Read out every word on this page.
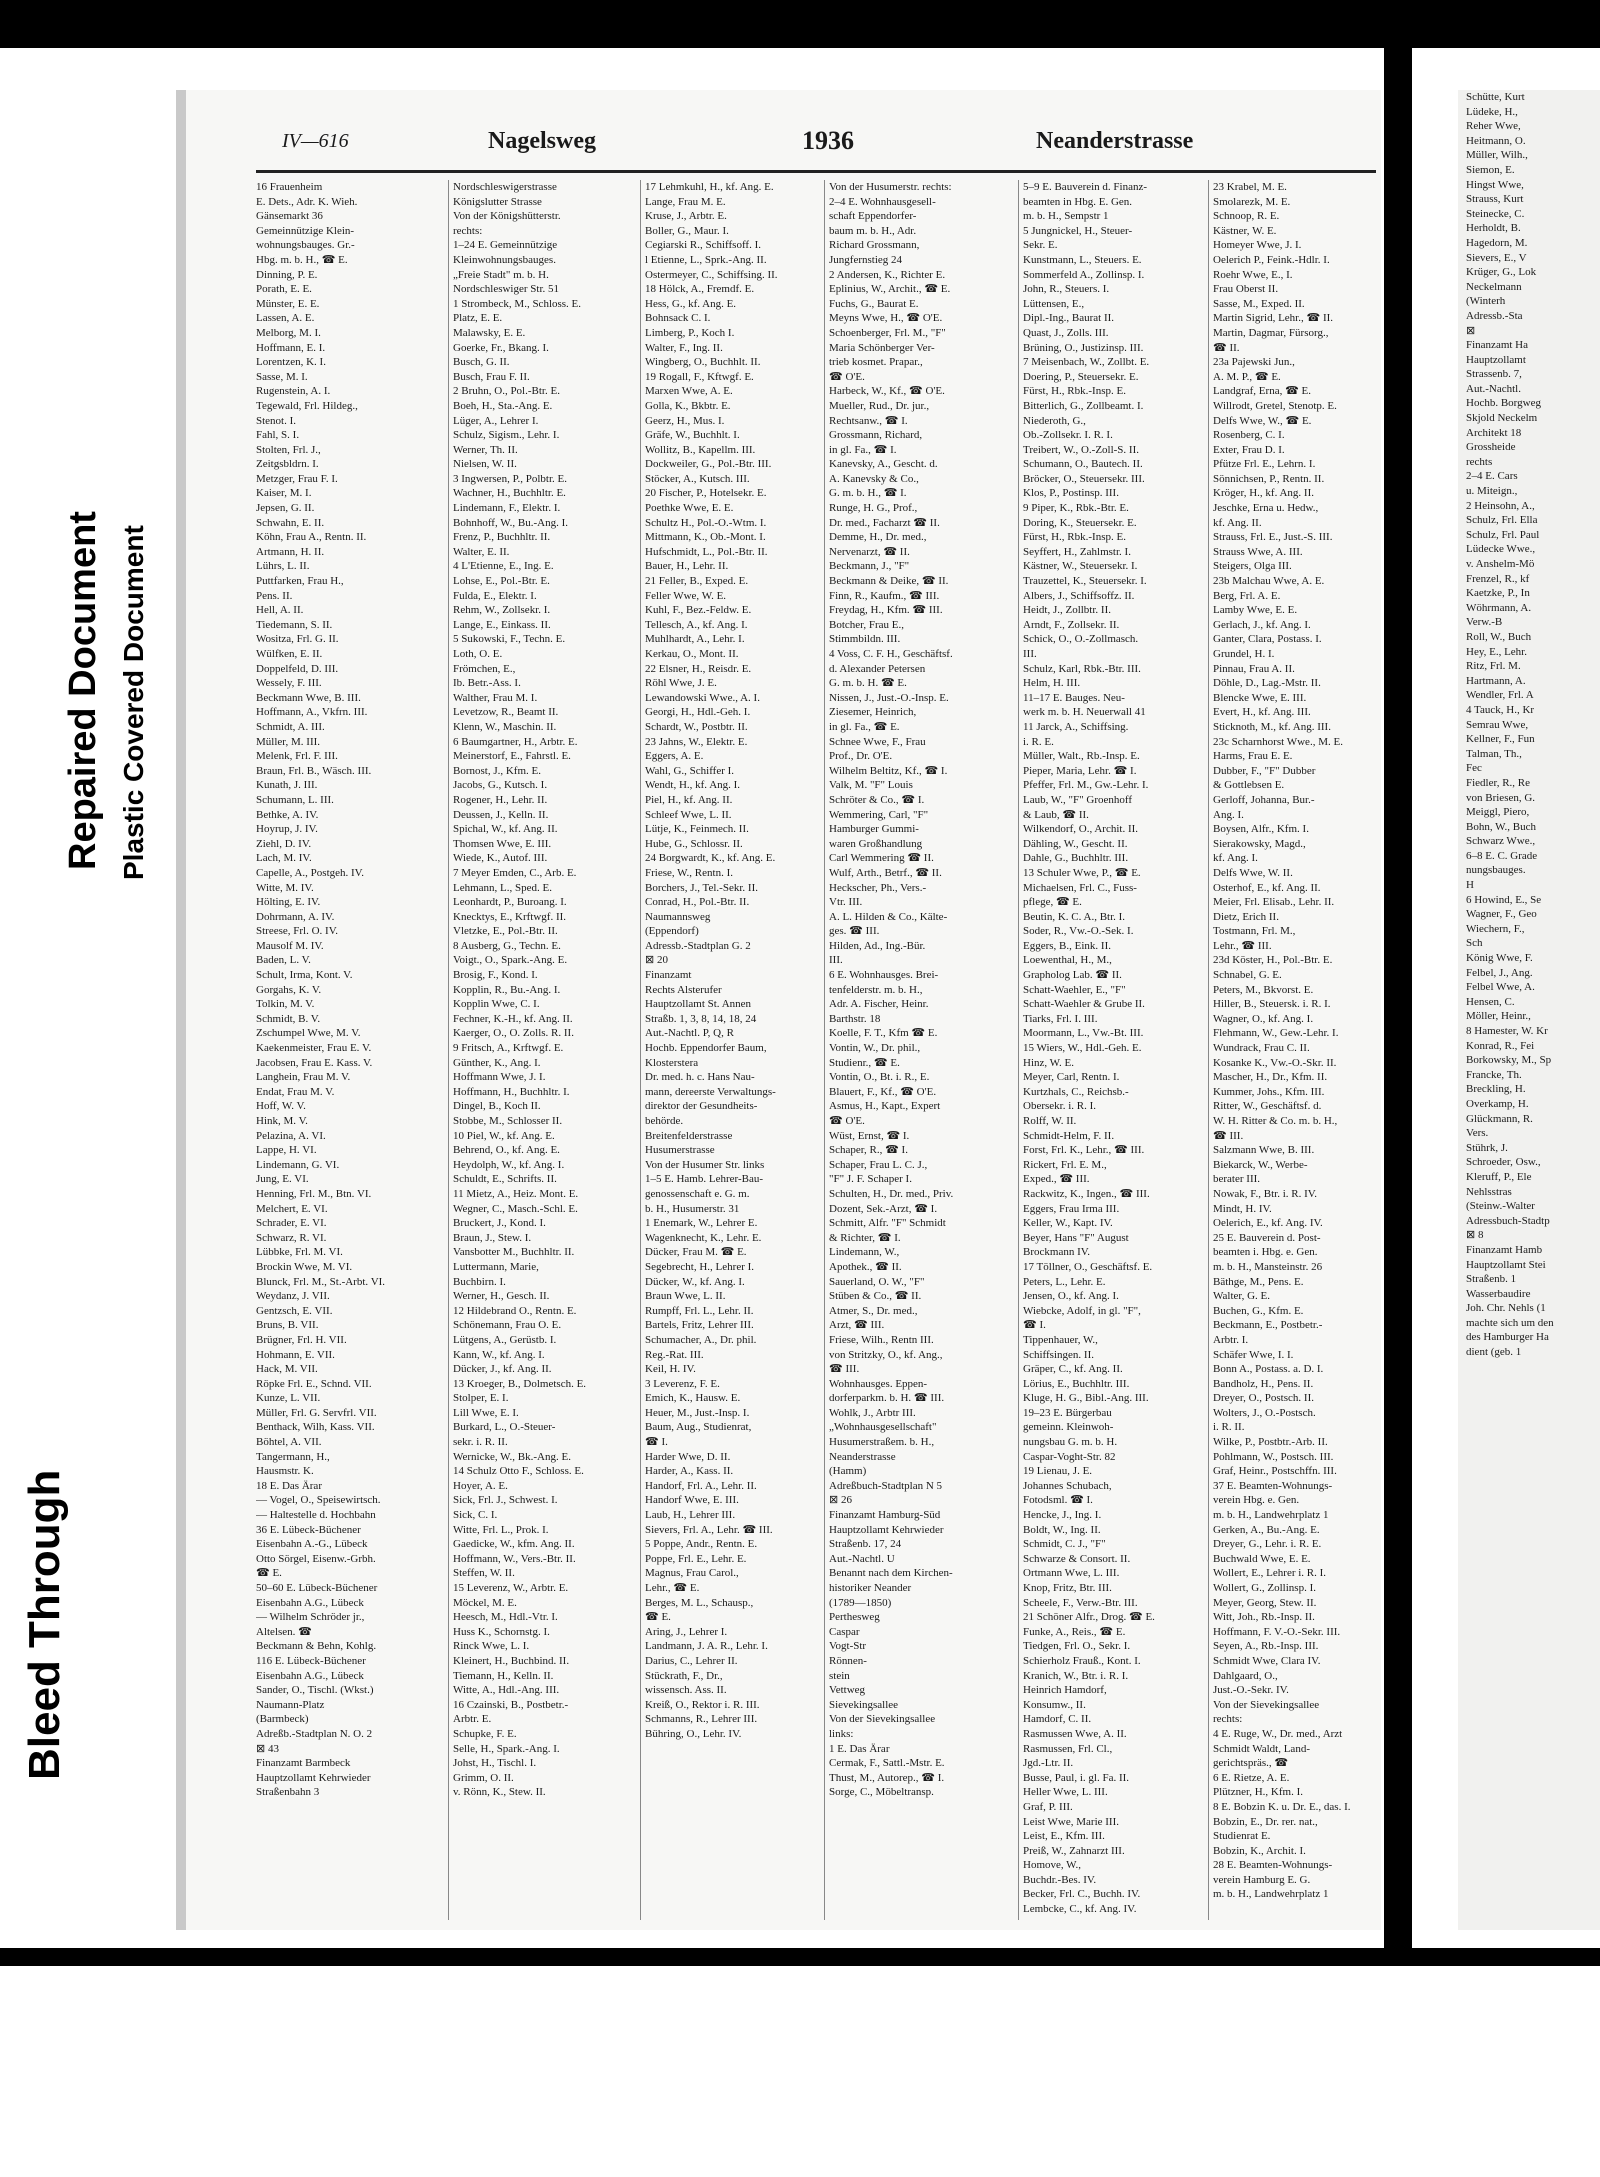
Bleed Through
Repaired Document Plastic Covered Document
IV—616	Nagelsweg	1936	Neanderstrasse
16 Frauenheim
E. Dets., Adr. K. Wieh.
Gänsemarkt 36
Gemeinnützige Klein-
wohnungsbauges. Gr.-
Hbg. m. b. H., ☎ E.
Dinning, P. E.
Porath, E. E.
Münster, E. E.
Lassen, A. E.
Melborg, M. I.
Hoffmann, E. I.
Lorentzen, K. I.
Sasse, M. I.
Rugenstein, A. I.
Tegewald, Frl. Hildeg.,
Stenot. I.
Fahl, S. I.
Stolten, Frl. J.,
Zeitgsbldrn. I.
Metzger, Frau F. I.
Kaiser, M. I.
Jepsen, G. II.
Schwahn, E. II.
Köhn, Frau A., Rentn. II.
Artmann, H. II.
Lührs, L. II.
Puttfarken, Frau H.,
Pens. II.
Hell, A. II.
Tiedemann, S. II.
Wositza, Frl. G. II.
Wülfken, E. II.
Doppelfeld, D. III.
Wessely, F. III.
Beckmann Wwe, B. III.
Hoffmann, A., Vkfrn. III.
Schmidt, A. III.
Müller, M. III.
Melenk, Frl. F. III.
Braun, Frl. B., Wäsch. III.
Kunath, J. III.
Schumann, L. III.
Bethke, A. IV.
Hoyrup, J. IV.
Ziehl, D. IV.
Lach, M. IV.
Capelle, A., Postgeh. IV.
Witte, M. IV.
Hölting, E. IV.
Dohrmann, A. IV.
Streese, Frl. O. IV.
Mausolf M. IV.
Baden, L. V.
Schult, Irma, Kont. V.
Gorgahs, K. V.
Tolkin, M. V.
Schmidt, B. V.
Zschumpel Wwe, M. V.
Kaekenmeister, Frau E. V.
Jacobsen, Frau E. Kass. V.
Langhein, Frau M. V.
Endat, Frau M. V.
Hoff, W. V.
Hink, M. V.
Pelazina, A. VI.
Lappe, H. VI.
Lindemann, G. VI.
Jung, E. VI.
Henning, Frl. M., Btn. VI.
Melchert, E. VI.
Schrader, E. VI.
Schwarz, R. VI.
Lübbke, Frl. M. VI.
Brockin Wwe, M. VI.
Blunck, Frl. M., St.-Arbt. VI.
Weydanz, J. VII.
Gentzsch, E. VII.
Bruns, B. VII.
Brügner, Frl. H. VII.
Hohmann, E. VII.
Hack, M. VII.
Röpke Frl. E., Schnd. VII.
Kunze, L. VII.
Müller, Frl. G. Servfrl. VII.
Benthack, Wilh, Kass. VII.
Böhtel, A. VII.
Tangermann, H.,
Hausmstr. K.
18 E. Das Ärar
— Vogel, O., Speisewirtsch.
— Haltestelle d. Hochbahn
36 E. Lübeck-Büchener
Eisenbahn A.-G., Lübeck
Otto Sörgel, Eisenw.-Grbh.
☎ E.
50–60 E. Lübeck-Büchener
Eisenbahn A.G., Lübeck
— Wilhelm Schröder jr.,
Altelsen. ☎
Beckmann & Behn, Kohlg.
116 E. Lübeck-Büchener
Eisenbahn A.G., Lübeck
Sander, O., Tischl. (Wkst.)
Naumann-Platz
(Barmbeck)
Adreßb.-Stadtplan N. O. 2
⊠ 43
Finanzamt Barmbeck
Hauptzollamt Kehrwieder
Straßenbahn 3
Nordschleswigerstrasse
Königslutter Strasse
Von der Königshütterstr.
rechts:
1–24 E. Gemeinnützige
Kleinwohnungsbauges.
„Freie Stadt" m. b. H.
Nordschleswiger Str. 51
1 Strombeck, M., Schloss. E.
Platz, E. E.
Malawsky, E. E.
Goerke, Fr., Bkang. I.
Busch, G. II.
Busch, Frau F. II.
2 Bruhn, O., Pol.-Btr. E.
Boeh, H., Sta.-Ang. E.
Lüger, A., Lehrer I.
Schulz, Sigism., Lehr. I.
Werner, Th. II.
Nielsen, W. II.
3 Ingwersen, P., Polbtr. E.
Wachner, H., Buchhltr. E.
Lindemann, F., Elektr. I.
Bohnhoff, W., Bu.-Ang. I.
Frenz, P., Buchhltr. II.
Walter, E. II.
4 L'Etienne, E., Ing. E.
Lohse, E., Pol.-Btr. E.
Fulda, E., Elektr. I.
Rehm, W., Zollsekr. I.
Lange, E., Einkass. II.
5 Sukowski, F., Techn. E.
Loth, O. E.
Frömchen, E.,
Ib. Betr.-Ass. I.
Walther, Frau M. I.
Levetzow, R., Beamt II.
Klenn, W., Maschin. II.
6 Baumgartner, H., Arbtr. E.
Meinerstorf, E., Fahrstl. E.
Bornost, J., Kfm. E.
Jacobs, G., Kutsch. I.
Rogener, H., Lehr. II.
Deussen, J., Kelln. II.
Spichal, W., kf. Ang. II.
Thomsen Wwe, E. III.
Wiede, K., Autof. III.
7 Meyer Emden, C., Arb. E.
Lehmann, L., Sped. E.
Leonhardt, P., Buroang. I.
Knecktys, E., Krftwgf. II.
Vletzke, E., Pol.-Btr. II.
8 Ausberg, G., Techn. E.
Voigt., O., Spark.-Ang. E.
Brosig, F., Kond. I.
Kopplin, R., Bu.-Ang. I.
Kopplin Wwe, C. I.
Fechner, K.-H., kf. Ang. II.
Kaerger, O., O. Zolls. R. II.
9 Fritsch, A., Krftwgf. E.
Günther, K., Ang. I.
Hoffmann Wwe, J. I.
Hoffmann, H., Buchhltr. I.
Dingel, B., Koch II.
Stobbe, M., Schlosser II.
10 Piel, W., kf. Ang. E.
Behrend, O., kf. Ang. E.
Heydolph, W., kf. Ang. I.
Schuldt, E., Schrifts. II.
11 Mietz, A., Heiz. Mont. E.
Wegner, C., Masch.-Schl. E.
Bruckert, J., Kond. I.
Braun, J., Stew. I.
Vansbotter M., Buchhltr. II.
Luttermann, Marie,
Buchbirn. I.
Werner, H., Gesch. II.
12 Hildebrand O., Rentn. E.
Schönemann, Frau O. E.
Lütgens, A., Gerüstb. I.
Kann, W., kf. Ang. I.
Dücker, J., kf. Ang. II.
13 Kroeger, B., Dolmetsch. E.
Stolper, E. I.
Lill Wwe, E. I.
Burkard, L., O.-Steuer-
sekr. i. R. II.
Wernicke, W., Bk.-Ang. E.
14 Schulz Otto F., Schloss. E.
Hoyer, A. E.
Sick, Frl. J., Schwest. I.
Sick, C. I.
Witte, Frl. L., Prok. I.
Gaedicke, W., kfm. Ang. II.
Hoffmann, W., Vers.-Btr. II.
Steffen, W. II.
15 Leverenz, W., Arbtr. E.
Möckel, M. E.
Heesch, M., Hdl.-Vtr. I.
Huss K., Schornstg. I.
Rinck Wwe, L. I.
Kleinert, H., Buchbind. II.
Tiemann, H., Kelln. II.
Witte, A., Hdl.-Ang. III.
16 Czainski, B., Postbetr.-
Arbtr. E.
Schupke, F. E.
Selle, H., Spark.-Ang. I.
Johst, H., Tischl. I.
Grimm, O. II.
v. Rönn, K., Stew. II.
17 Lehmkuhl, H., kf. Ang. E.
Lange, Frau M. E.
Kruse, J., Arbtr. E.
Boller, G., Maur. I.
Cegiarski R., Schiffsoff. I.
l Etienne, L., Sprk.-Ang. II.
Ostermeyer, C., Schiffsing. II.
18 Hölck, A., Fremdf. E.
Hess, G., kf. Ang. E.
Bohnsack C. I.
Limberg, P., Koch I.
Walter, F., Ing. II.
Wingberg, O., Buchhlt. II.
19 Rogall, F., Kftwgf. E.
Marxen Wwe, A. E.
Golla, K., Bkbtr. E.
Geerz, H., Mus. I.
Gräfe, W., Buchhlt. I.
Wollitz, B., Kapellm. III.
Dockweiler, G., Pol.-Btr. III.
Stöcker, A., Kutsch. III.
20 Fischer, P., Hotelsekr. E.
Poethke Wwe, E. E.
Schultz H., Pol.-O.-Wtm. I.
Mittmann, K., Ob.-Mont. I.
Hufschmidt, L., Pol.-Btr. II.
Bauer, H., Lehr. II.
21 Feller, B., Exped. E.
Feller Wwe, W. E.
Kuhl, F., Bez.-Feldw. E.
Tellesch, A., kf. Ang. I.
Muhlhardt, A., Lehr. I.
Kerkau, O., Mont. II.
22 Elsner, H., Reisdr. E.
Röhl Wwe, J. E.
Lewandowski Wwe., A. I.
Georgi, H., Hdl.-Geh. I.
Schardt, W., Postbtr. II.
23 Jahns, W., Elektr. E.
Eggers, A. E.
Wahl, G., Schiffer I.
Wendt, H., kf. Ang. I.
Piel, H., kf. Ang. II.
Schleef Wwe, L. II.
Lütje, K., Feinmech. II.
Hube, G., Schlossr. II.
24 Borgwardt, K., kf. Ang. E.
Friese, W., Rentn. I.
Borchers, J., Tel.-Sekr. II.
Conrad, H., Pol.-Btr. II.
Naumannsweg
(Eppendorf)
Adressb.-Stadtplan G. 2
⊠ 20
Finanzamt
Rechts Alsterufer
Hauptzollamt St. Annen
Straßb. 1, 3, 8, 14, 18, 24
Aut.-Nachtl. P, Q, R
Hochb. Eppendorfer Baum,
Klosterstera
Dr. med. h. c. Hans Nau-
mann, dereerste Verwaltungs-
direktor der Gesundheits-
behörde.
Breitenfelderstrasse
Husumerstrasse
Von der Husumer Str. links
1–5 E. Hamb. Lehrer-Bau-
genossenschaft e. G. m.
b. H., Husumerstr. 31
1 Enemark, W., Lehrer E.
Wagenknecht, K., Lehr. E.
Dücker, Frau M. ☎ E.
Segebrecht, H., Lehrer I.
Dücker, W., kf. Ang. I.
Braun Wwe, L. II.
Rumpff, Frl. L., Lehr. II.
Bartels, Fritz, Lehrer III.
Schumacher, A., Dr. phil.
Reg.-Rat. III.
Keil, H. IV.
3 Leverenz, F. E.
Emich, K., Hausw. E.
Heuer, M., Just.-Insp. I.
Baum, Aug., Studienrat,
☎ I.
Harder Wwe, D. II.
Harder, A., Kass. II.
Handorf, Frl. A., Lehr. II.
Handorf Wwe, E. III.
Laub, H., Lehrer III.
Sievers, Frl. A., Lehr. ☎ III.
5 Poppe, Andr., Rentn. E.
Poppe, Frl. E., Lehr. E.
Magnus, Frau Carol.,
Lehr., ☎ E.
Berges, M. L., Schausp.,
☎ E.
Aring, J., Lehrer I.
Landmann, J. A. R., Lehr. I.
Darius, C., Lehrer II.
Stückrath, F., Dr.,
wissensch. Ass. II.
Kreiß, O., Rektor i. R. III.
Schmanns, R., Lehrer III.
Bühring, O., Lehr. IV.
Von der Husumerstr. rechts:
2–4 E. Wohnhausgesell-
schaft Eppendorfer-
baum m. b. H., Adr.
Richard Grossmann,
Jungfernstieg 24
2 Andersen, K., Richter E.
Eplinius, W., Archit., ☎ E.
Fuchs, G., Baurat E.
Meyns Wwe, H., ☎ O'E.
Schoenberger, Frl. M., "F"
Maria Schönberger Ver-
trieb kosmet. Prapar.,
☎ O'E.
Harbeck, W., Kf., ☎ O'E.
Mueller, Rud., Dr. jur.,
Rechtsanw., ☎ I.
Grossmann, Richard,
in gl. Fa., ☎ I.
Kanevsky, A., Gescht. d.
A. Kanevsky & Co.,
G. m. b. H., ☎ I.
Runge, H. G., Prof.,
Dr. med., Facharzt ☎ II.
Demme, H., Dr. med.,
Nervenarzt, ☎ II.
Beckmann, J., "F"
Beckmann & Deike, ☎ II.
Finn, R., Kaufm., ☎ III.
Freydag, H., Kfm. ☎ III.
Botcher, Frau E.,
Stimmbildn. III.
4 Voss, C. F. H., Geschäftsf.
d. Alexander Petersen
G. m. b. H. ☎ E.
Nissen, J., Just.-O.-Insp. E.
Ziesemer, Heinrich,
in gl. Fa., ☎ E.
Schnee Wwe, F., Frau
Prof., Dr. O'E.
Wilhelm Beltitz, Kf., ☎ I.
Valk, M. "F" Louis
Schröter & Co., ☎ I.
Wemmering, Carl, "F"
Hamburger Gummi-
waren Großhandlung
Carl Wemmering ☎ II.
Wulf, Arth., Betrf., ☎ II.
Heckscher, Ph., Vers.-
Vtr. III.
A. L. Hilden & Co., Kälte-
ges. ☎ III.
Hilden, Ad., Ing.-Bür.
III.
6 E. Wohnhausges. Brei-
tenfelderstr. m. b. H.,
Adr. A. Fischer, Heinr.
Barthstr. 18
Koelle, F. T., Kfm ☎ E.
Vontin, W., Dr. phil.,
Studienr., ☎ E.
Vontin, O., Bt. i. R., E.
Blauert, F., Kf., ☎ O'E.
Asmus, H., Kapt., Expert
☎ O'E.
Wüst, Ernst, ☎ I.
Schaper, R., ☎ I.
Schaper, Frau L. C. J.,
"F" J. F. Schaper I.
Schulten, H., Dr. med., Priv.
Dozent, Sek.-Arzt, ☎ I.
Schmitt, Alfr. "F" Schmidt
& Richter, ☎ I.
Lindemann, W.,
Apothek., ☎ II.
Sauerland, O. W., "F"
Stüben & Co., ☎ II.
Atmer, S., Dr. med.,
Arzt, ☎ III.
Friese, Wilh., Rentn III.
von Stritzky, O., kf. Ang.,
☎ III.
Wohnhausges. Eppen-
dorferparkm. b. H. ☎ III.
Wohlk, J., Arbtr III.
„Wohnhausgesellschaft"
Husumerstraßem. b. H.,
Neanderstrasse
(Hamm)
Adreßbuch-Stadtplan N 5
⊠ 26
Finanzamt Hamburg-Süd
Hauptzollamt Kehrwieder
Straßenb. 17, 24
Aut.-Nachtl. U
Benannt nach dem Kirchen-
historiker Neander
(1789—1850)
Perthesweg
Caspar
Vogt-Str
Rönnen-
stein
Vettweg
Sievekingsallee
Von der Sievekingsallee
links:
1 E. Das Ärar
Cermak, F., Sattl.-Mstr. E.
Thust, M., Autorep., ☎ I.
Sorge, C., Möbeltransp.
5–9 E. Bauverein d. Finanz-
beamten in Hbg. E. Gen.
m. b. H., Sempstr 1
5 Jungnickel, H., Steuer-
Sekr. E.
Kunstmann, L., Steuers. E.
Sommerfeld A., Zollinsp. I.
John, R., Steuers. I.
Lüttensen, E.,
Dipl.-Ing., Baurat II.
Quast, J., Zolls. III.
Brüning, O., Justizinsp. III.
7 Meisenbach, W., Zollbt. E.
Doering, P., Steuersekr. E.
Fürst, H., Rbk.-Insp. E.
Bitterlich, G., Zollbeamt. I.
Niederoth, G.,
Ob.-Zollsekr. I. R. I.
Treibert, W., O.-Zoll-S. II.
Schumann, O., Bautech. II.
Bröcker, O., Steuersekr. III.
Klos, P., Postinsp. III.
9 Piper, K., Rbk.-Btr. E.
Doring, K., Steuersekr. E.
Fürst, H., Rbk.-Insp. E.
Seyffert, H., Zahlmstr. I.
Kästner, W., Steuersekr. I.
Trauzettel, K., Steuersekr. I.
Albers, J., Schiffsoffz. II.
Heidt, J., Zollbtr. II.
Arndt, F., Zollsekr. II.
Schick, O., O.-Zollmasch.
III.
Schulz, Karl, Rbk.-Btr. III.
Helm, H. III.
11–17 E. Bauges. Neu-
werk m. b. H. Neuerwall 41
11 Jarck, A., Schiffsing.
i. R. E.
Müller, Walt., Rb.-Insp. E.
Pieper, Maria, Lehr. ☎ I.
Pfeffer, Frl. M., Gw.-Lehr. I.
Laub, W., "F" Groenhoff
& Laub, ☎ II.
Wilkendorf, O., Archit. II.
Dähling, W., Gescht. II.
Dahle, G., Buchhltr. III.
13 Schuler Wwe, P., ☎ E.
Michaelsen, Frl. C., Fuss-
pflege, ☎ E.
Beutin, K. C. A., Btr. I.
Soder, R., Vw.-O.-Sek. I.
Eggers, B., Eink. II.
Loewenthal, H., M.,
Grapholog Lab. ☎ II.
Schatt-Waehler, E., "F"
Schatt-Waehler & Grube II.
Tiarks, Frl. I. III.
Moormann, L., Vw.-Bt. III.
15 Wiers, W., Hdl.-Geh. E.
Hinz, W. E.
Meyer, Carl, Rentn. I.
Kurtzhals, C., Reichsb.-
Obersekr. i. R. I.
Rolff, W. II.
Schmidt-Helm, F. II.
Forst, Frl. K., Lehr., ☎ III.
Rickert, Frl. E. M.,
Exped., ☎ III.
Rackwitz, K., Ingen., ☎ III.
Eggers, Frau Irma III.
Keller, W., Kapt. IV.
Beyer, Hans "F" August
Brockmann IV.
17 Töllner, O., Geschäftsf. E.
Peters, L., Lehr. E.
Jensen, O., kf. Ang. I.
Wiebcke, Adolf, in gl. "F",
☎ I.
Tippenhauer, W.,
Schiffsingen. II.
Gräper, C., kf. Ang. II.
Lörius, E., Buchhltr. III.
Kluge, H. G., Bibl.-Ang. III.
19–23 E. Bürgerbau
gemeinn. Kleinwoh-
nungsbau G. m. b. H.
Caspar-Voght-Str. 82
19 Lienau, J. E.
Johannes Schubach,
Fotodsml. ☎ I.
Hencke, J., Ing. I.
Boldt, W., Ing. II.
Schmidt, C. J., "F"
Schwarze & Consort. II.
Ortmann Wwe, L. III.
Knop, Fritz, Btr. III.
Scheele, F., Verw.-Btr. III.
21 Schöner Alfr., Drog. ☎ E.
Funke, A., Reis., ☎ E.
Tiedgen, Frl. O., Sekr. I.
Schierholz Frauß., Kont. I.
Kranich, W., Btr. i. R. I.
Heinrich Hamdorf,
Konsumw., II.
Hamdorf, C. II.
Rasmussen Wwe, A. II.
Rasmussen, Frl. Cl.,
Jgd.-Ltr. II.
Busse, Paul, i. gl. Fa. II.
Heller Wwe, L. III.
Graf, P. III.
Leist Wwe, Marie III.
Leist, E., Kfm. III.
Preiß, W., Zahnarzt III.
Homove, W.,
Buchdr.-Bes. IV.
Becker, Frl. C., Buchh. IV.
Lembcke, C., kf. Ang. IV.
23 Krabel, M. E.
Smolarezk, M. E.
Schnoop, R. E.
Kästner, W. E.
Homeyer Wwe, J. I.
Oelerich P., Feink.-Hdlr. I.
Roehr Wwe, E., I.
Frau Oberst II.
Sasse, M., Exped. II.
Martin Sigrid, Lehr., ☎ II.
Martin, Dagmar, Fürsorg.,
☎ II.
23a Pajewski Jun.,
A. M. P., ☎ E.
Landgraf, Erna, ☎ E.
Willrodt, Gretel, Stenotp. E.
Delfs Wwe, W., ☎ E.
Rosenberg, C. I.
Exter, Frau D. I.
Pfütze Frl. E., Lehrn. I.
Sönnichsen, P., Rentn. II.
Kröger, H., kf. Ang. II.
Jeschke, Erna u. Hedw.,
kf. Ang. II.
Strauss, Frl. E., Just.-S. III.
Strauss Wwe, A. III.
Steigers, Olga III.
23b Malchau Wwe, A. E.
Berg, Frl. A. E.
Lamby Wwe, E. E.
Gerlach, J., kf. Ang. I.
Ganter, Clara, Postass. I.
Grundel, H. I.
Pinnau, Frau A. II.
Döhle, D., Lag.-Mstr. II.
Blencke Wwe, E. III.
Evert, H., kf. Ang. III.
Sticknoth, M., kf. Ang. III.
23c Scharnhorst Wwe., M. E.
Harms, Frau E. E.
Dubber, F., "F" Dubber
& Gottlebsen E.
Gerloff, Johanna, Bur.-
Ang. I.
Boysen, Alfr., Kfm. I.
Sierakowsky, Magd.,
kf. Ang. I.
Delfs Wwe, W. II.
Osterhof, E., kf. Ang. II.
Meier, Frl. Elisab., Lehr. II.
Dietz, Erich II.
Tostmann, Frl. M.,
Lehr., ☎ III.
23d Köster, H., Pol.-Btr. E.
Schnabel, G. E.
Peters, M., Bkvorst. E.
Hiller, B., Steuersk. i. R. I.
Wagner, O., kf. Ang. I.
Flehmann, W., Gew.-Lehr. I.
Wundrack, Frau C. II.
Kosanke K., Vw.-O.-Skr. II.
Mascher, H., Dr., Kfm. II.
Kummer, Johs., Kfm. III.
Ritter, W., Geschäftsf. d.
W. H. Ritter & Co. m. b. H.,
☎ III.
Salzmann Wwe, B. III.
Biekarck, W., Werbe-
berater III.
Nowak, F., Btr. i. R. IV.
Mindt, H. IV.
Oelerich, E., kf. Ang. IV.
25 E. Bauverein d. Post-
beamten i. Hbg. e. Gen.
m. b. H., Mansteinstr. 26
Bäthge, M., Pens. E.
Walter, G. E.
Buchen, G., Kfm. E.
Beckmann, E., Postbetr.-
Arbtr. I.
Schäfer Wwe, I. I.
Bonn A., Postass. a. D. I.
Bandholz, H., Pens. II.
Dreyer, O., Postsch. II.
Wolters, J., O.-Postsch.
i. R. II.
Wilke, P., Postbtr.-Arb. II.
Pohlmann, W., Postsch. III.
Graf, Heinr., Postschffn. III.
37 E. Beamten-Wohnungs-
verein Hbg. e. Gen.
m. b. H., Landwehrplatz 1
Gerken, A., Bu.-Ang. E.
Dreyer, G., Lehr. i. R. E.
Buchwald Wwe, E. E.
Wollert, E., Lehrer i. R. I.
Wollert, G., Zollinsp. I.
Meyer, Georg, Stew. II.
Witt, Joh., Rb.-Insp. II.
Hoffmann, F. V.-O.-Sekr. III.
Seyen, A., Rb.-Insp. III.
Schmidt Wwe, Clara IV.
Dahlgaard, O.,
Just.-O.-Sekr. IV.
Von der Sievekingsallee
rechts:
4 E. Ruge, W., Dr. med., Arzt
Schmidt Waldt, Land-
gerichtspräs., ☎
6 E. Rietze, A. E.
Plützner, H., Kfm. I.
8 E. Bobzin K. u. Dr. E., das. I.
Bobzin, E., Dr. rer. nat.,
Studienrat E.
Bobzin, K., Archit. I.
28 E. Beamten-Wohnungs-
verein Hamburg E. G.
m. b. H., Landwehrplatz 1
Schütte, Kurt
Lüdeke, H.,
Reher Wwe,
Heitmann, O.
Müller, Wilh.,
Siemon, E.
Hingst Wwe,
Strauss, Kurt
Steinecke, C.
Herholdt, B.
Hagedorn, M.
Sievers, E., V
Krüger, G., Lok
Neckelmann
(Winterh
Adressb.-Sta
⊠
Finanzamt Ha
Hauptzollamt
Strassenb. 7,
Aut.-Nachtl.
Hochb. Borgweg
Skjold Neckelm
Architekt 18
Grossheide
rechts
2–4 E. Cars
u. Miteign.,
2 Heinsohn, A.,
Schulz, Frl. Ella
Schulz, Frl. Paul
Lüdecke Wwe.,
v. Anshelm-Mö
Frenzel, R., kf
Kaetzke, P., In
Wöhrmann, A.
Verw.-B
Roll, W., Buch
Hey, E., Lehr.
Ritz, Frl. M.
Hartmann, A.
Wendler, Frl. A
4 Tauck, H., Kr
Semrau Wwe,
Kellner, F., Fun
Talman, Th.,
Fec
Fiedler, R., Re
von Briesen, G.
Meiggl, Piero,
Bohn, W., Buch
Schwarz Wwe.,
6–8 E. C. Grade
nungsbauges.
H
6 Howind, E., Se
Wagner, F., Geo
Wiechern, F.,
Sch
König Wwe, F.
Felbel, J., Ang.
Felbel Wwe, A.
Hensen, C.
Möller, Heinr.,
8 Hamester, W. Kr
Konrad, R., Fei
Borkowsky, M., Sp
Francke, Th.
Breckling, H.
Overkamp, H.
Glückmann, R.
Vers.
Stührk, J.
Schroeder, Osw.,
Kleruff, P., Ele
Nehlsstras
(Steinw.-Walter
Adressbuch-Stadtp
⊠ 8
Finanzamt Hamb
Hauptzollamt Stei
Straßenb. 1
Wasserbaudire
Joh. Chr. Nehls (1
machte sich um den
des Hamburger Ha
dient (geb. 1
